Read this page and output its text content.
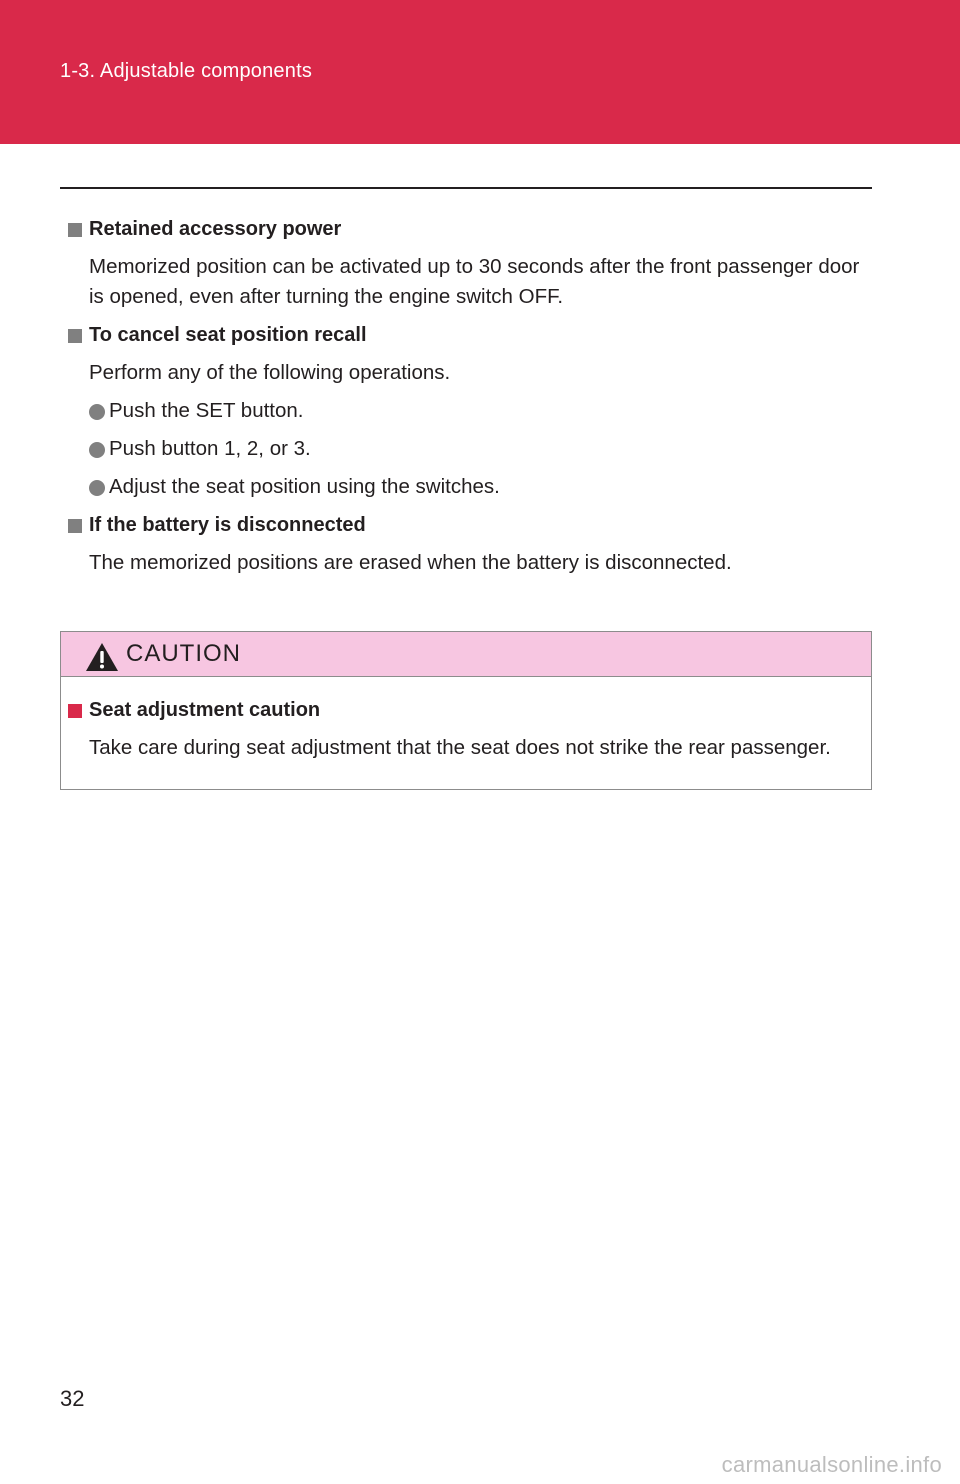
1-3. Adjustable components

Retained accessory power

Memorized position can be activated up to 30 seconds after the front passenger door is opened, even after turning the engine switch OFF.

To cancel seat position recall

Perform any of the following operations.

Push the SET button.
Push button 1, 2, or 3.
Adjust the seat position using the switches.

If the battery is disconnected

The memorized positions are erased when the battery is disconnected.

CAUTION

Seat adjustment caution

Take care during seat adjustment that the seat does not strike the rear passenger.

32
carmanualsonline.info
